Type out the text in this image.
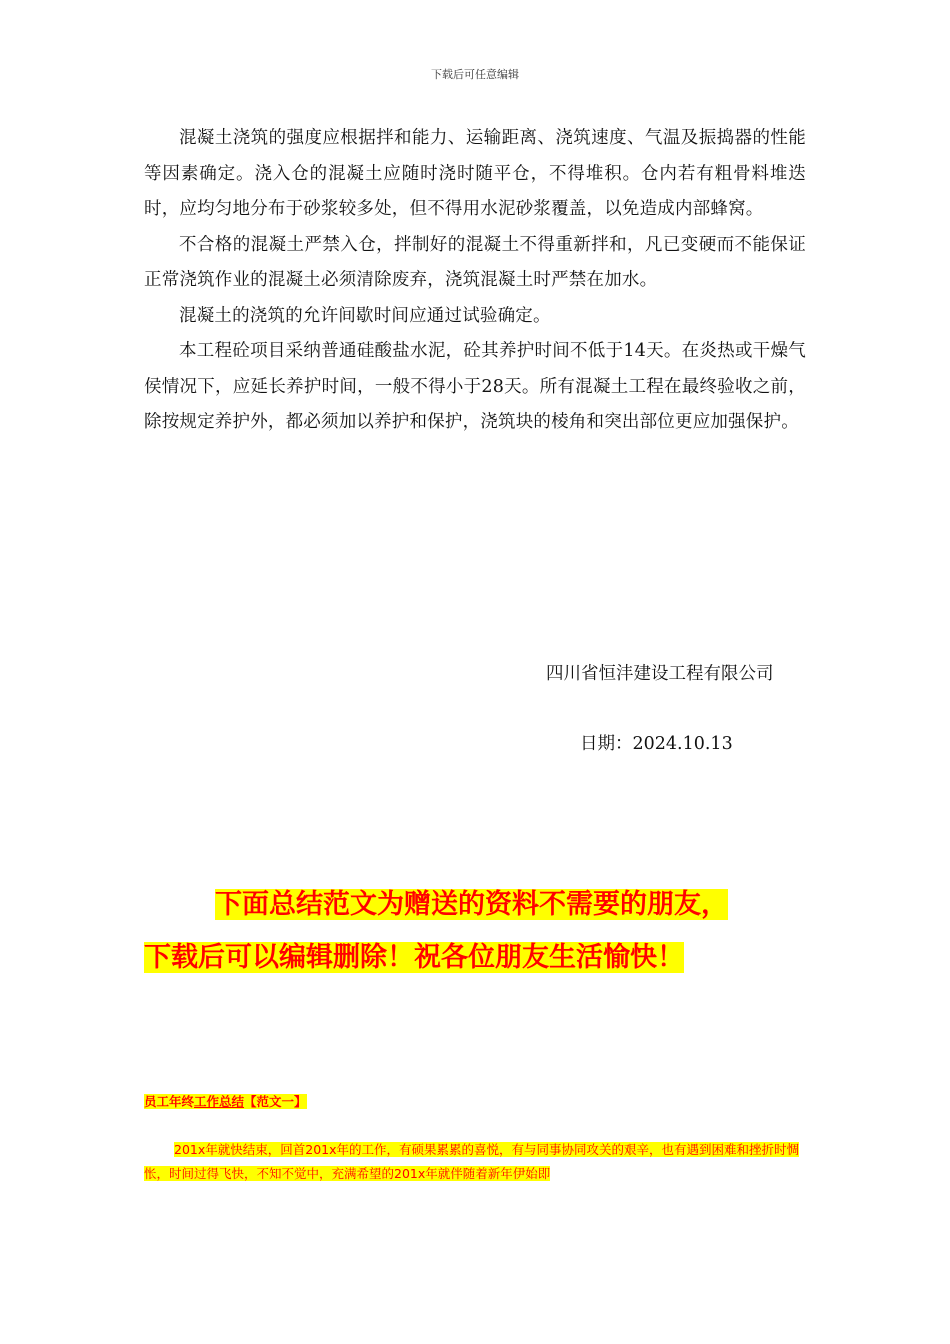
下载后可任意编辑

混凝土浇筑的强度应根据拌和能力、运输距离、浇筑速度、气温及振捣器的性能等因素确定。浇入仓的混凝土应随时浇时随平仓，不得堆积。仓内若有粗骨料堆迭时，应均匀地分布于砂浆较多处，但不得用水泥砂浆覆盖，以免造成内部蜂窝。

不合格的混凝土严禁入仓，拌制好的混凝土不得重新拌和，凡已变硬而不能保证正常浇筑作业的混凝土必须清除废弃，浇筑混凝土时严禁在加水。

混凝土的浇筑的允许间歇时间应通过试验确定。

本工程砼项目采纳普通硅酸盐水泥，砼其养护时间不低于14天。在炎热或干燥气侯情况下，应延长养护时间，一般不得小于28天。所有混凝土工程在最终验收之前，除按规定养护外，都必须加以养护和保护，浇筑块的棱角和突出部位更应加强保护。

四川省恒沣建设工程有限公司
日期：2024.10.13
下面总结范文为赠送的资料不需要的朋友，
下载后可以编辑删除！祝各位朋友生活愉快！
员工年终工作总结【范文一】

201x年就快结束，回首201x年的工作，有硕果累累的喜悦，有与同事协同攻关的艰辛，也有遇到困难和挫折时惆怅，时间过得飞快，不知不觉中，充满希望的201x年就伴随着新年伊始即
